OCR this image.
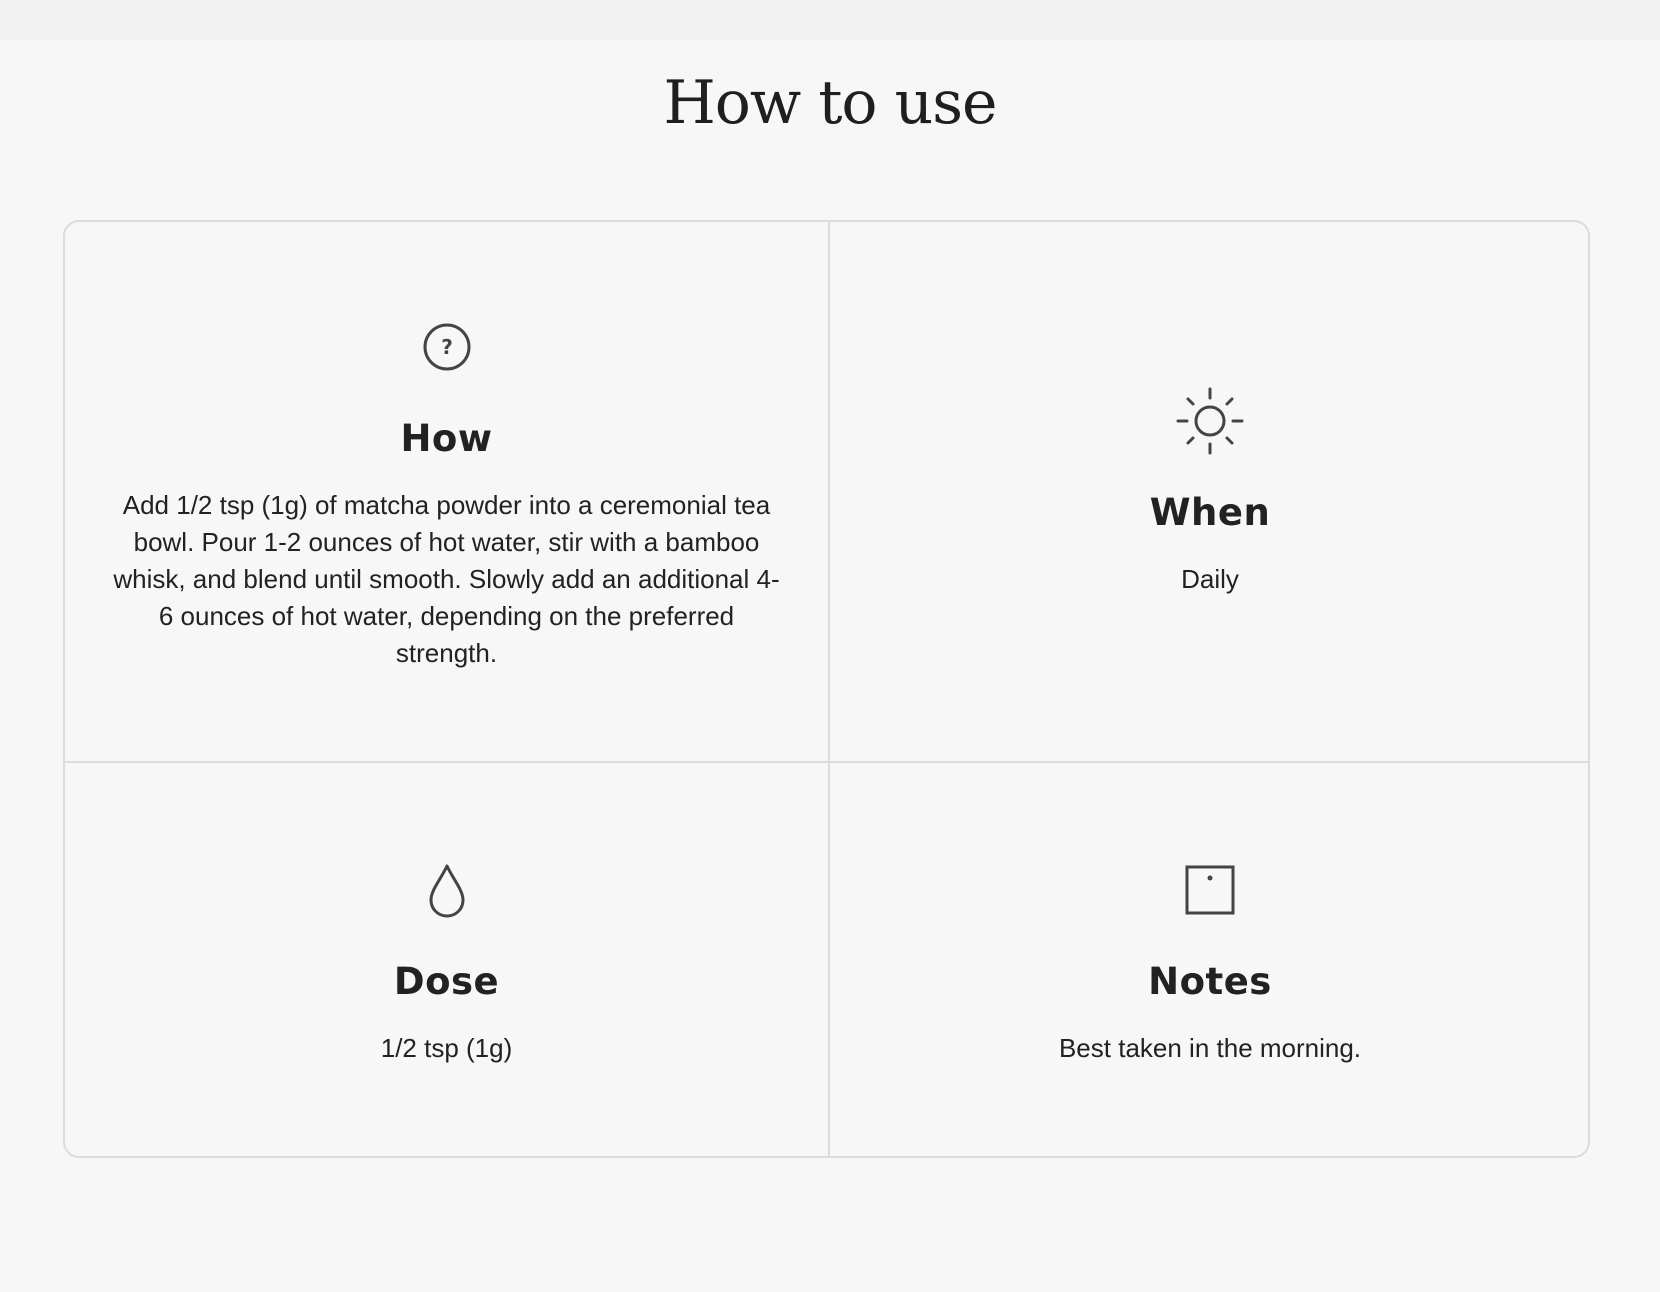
How to use
?
How

Add 1/2 tsp (1g) of matcha powder into a ceremonial tea bowl. Pour 1-2 ounces of hot water, stir with a bamboo whisk, and blend until smooth. Slowly add an additional 4-6 ounces of hot water, depending on the preferred strength.

When

Daily

Dose

1/2 tsp (1g)

Notes

Best taken in the morning.
